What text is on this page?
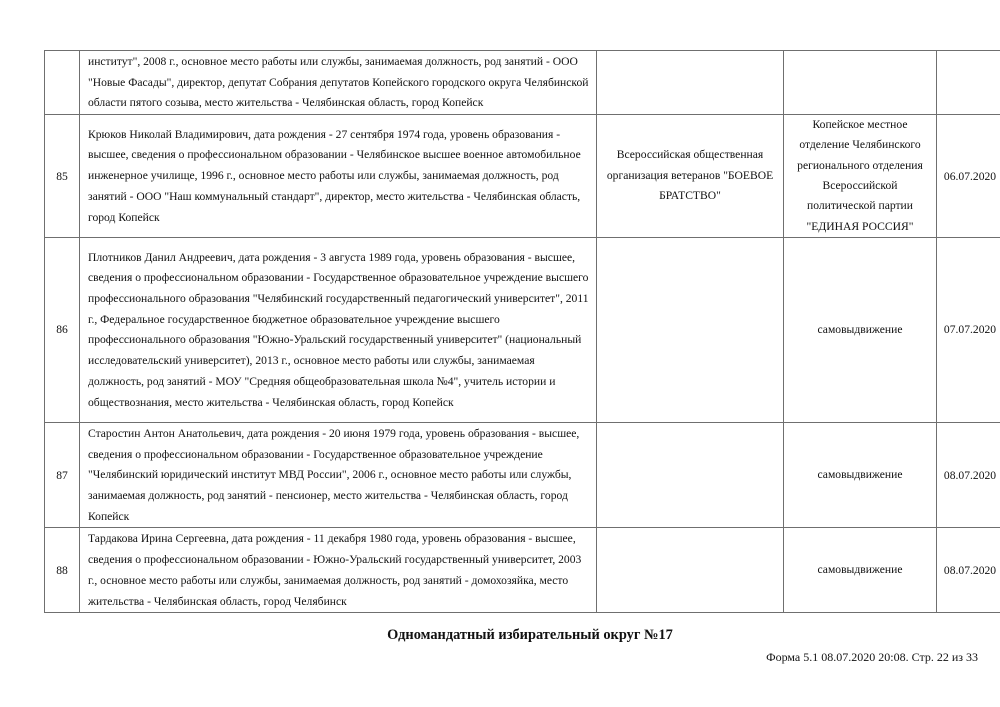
	институт", 2008 г., основное место работы или службы, занимаемая должность, род занятий - ООО "Новые Фасады", директор, депутат Собрания депутатов Копейского городского округа Челябинской области пятого созыва, место жительства - Челябинская область, город Копейск			

85	Крюков Николай Владимирович, дата рождения - 27 сентября 1974 года, уровень образования - высшее, сведения о профессиональном образовании - Челябинское высшее военное автомобильное инженерное училище, 1996 г., основное место работы или службы, занимаемая должность, род занятий - ООО "Наш коммунальный стандарт", директор, место жительства - Челябинская область, город Копейск	Всероссийская общественная организация ветеранов "БОЕВОЕ БРАТСТВО"	Копейское местное отделение Челябинского регионального отделения Всероссийской политической партии "ЕДИНАЯ РОССИЯ"	06.07.2020
86	Плотников Данил Андреевич, дата рождения - 3 августа 1989 года, уровень образования - высшее, сведения о профессиональном образовании - Государственное образовательное учреждение высшего профессионального образования "Челябинский государственный педагогический университет", 2011 г., Федеральное государственное бюджетное образовательное учреждение высшего профессионального образования "Южно-Уральский государственный университет" (национальный исследовательский университет), 2013 г., основное место работы или службы, занимаемая должность, род занятий - МОУ "Средняя общеобразовательная школа №4", учитель истории и обществознания, место жительства - Челябинская область, город Копейск		самовыдвижение	07.07.2020
87	Старостин Антон Анатольевич, дата рождения - 20 июня 1979 года, уровень образования - высшее, сведения о профессиональном образовании - Государственное образовательное учреждение "Челябинский юридический институт МВД России", 2006 г., основное место работы или службы, занимаемая должность, род занятий - пенсионер, место жительства - Челябинская область, город Копейск		самовыдвижение	08.07.2020
88	Тардакова Ирина Сергеевна, дата рождения - 11 декабря 1980 года, уровень образования - высшее, сведения о профессиональном образовании - Южно-Уральский государственный университет, 2003 г., основное место работы или службы, занимаемая должность, род занятий - домохозяйка, место жительства - Челябинская область, город Челябинск		самовыдвижение	08.07.2020
Одномандатный избирательный округ №17
Форма 5.1 08.07.2020 20:08. Стр. 22 из 33
